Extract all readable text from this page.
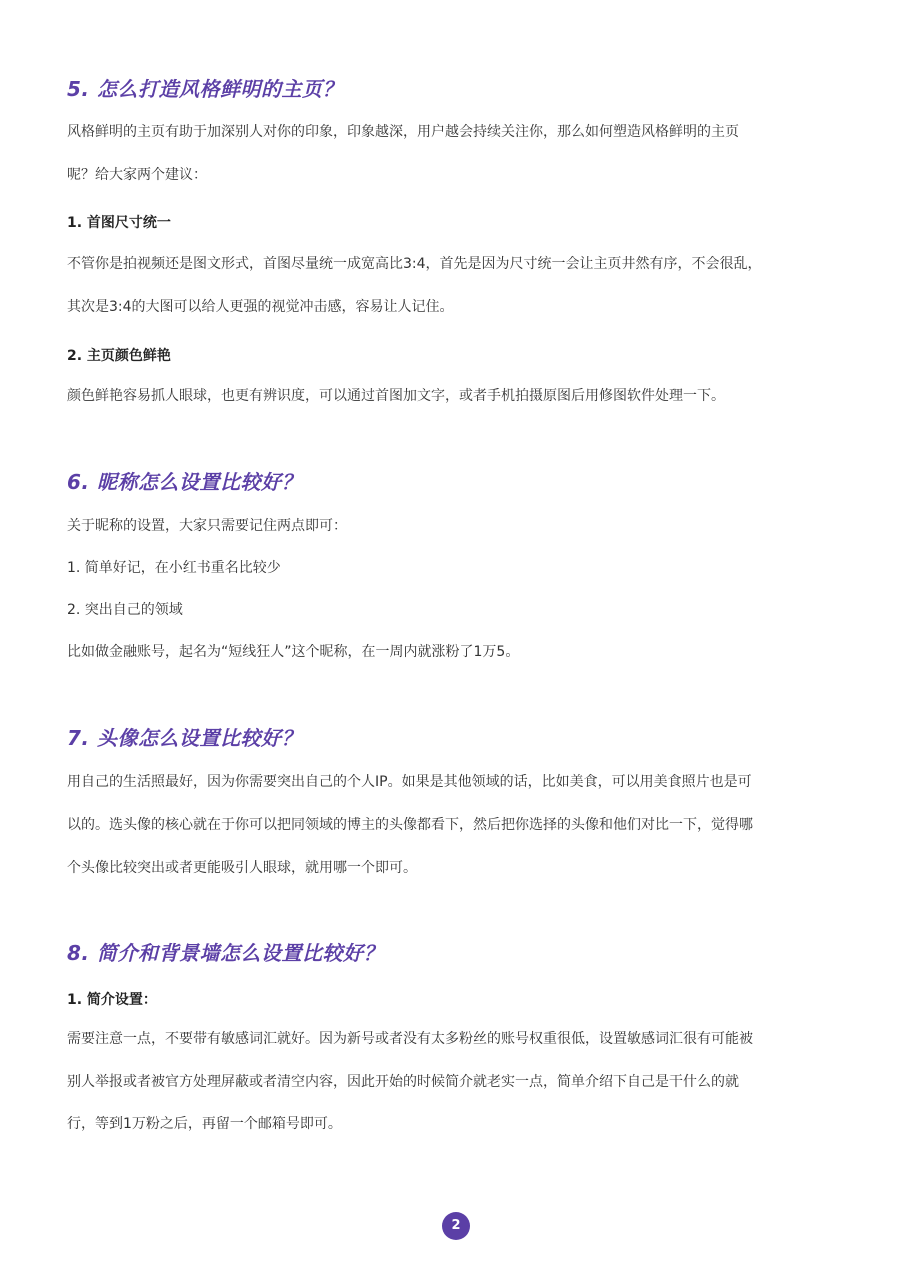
5. 怎么打造风格鲜明的主页？
风格鲜明的主页有助于加深别人对你的印象，印象越深，用户越会持续关注你，那么如何塑造风格鲜明的主页
呢？给大家两个建议：
1. 首图尺寸统一
不管你是拍视频还是图文形式，首图尽量统一成宽高比3:4，首先是因为尺寸统一会让主页井然有序，不会很乱，
其次是3:4的大图可以给人更强的视觉冲击感，容易让人记住。
2. 主页颜色鲜艳
颜色鲜艳容易抓人眼球，也更有辨识度，可以通过首图加文字，或者手机拍摄原图后用修图软件处理一下。
6. 昵称怎么设置比较好？
关于昵称的设置，大家只需要记住两点即可：
1. 简单好记，在小红书重名比较少
2. 突出自己的领域
比如做金融账号，起名为“短线狂人”这个昵称，在一周内就涨粉了1万5。
7. 头像怎么设置比较好？
用自己的生活照最好，因为你需要突出自己的个人IP。如果是其他领域的话，比如美食，可以用美食照片也是可
以的。选头像的核心就在于你可以把同领域的博主的头像都看下，然后把你选择的头像和他们对比一下，觉得哪
个头像比较突出或者更能吸引人眼球，就用哪一个即可。
8. 简介和背景墙怎么设置比较好？
1. 简介设置：
需要注意一点，不要带有敏感词汇就好。因为新号或者没有太多粉丝的账号权重很低，设置敏感词汇很有可能被
别人举报或者被官方处理屏蔽或者清空内容，因此开始的时候简介就老实一点，简单介绍下自己是干什么的就
行，等到1万粉之后，再留一个邮箱号即可。
2
